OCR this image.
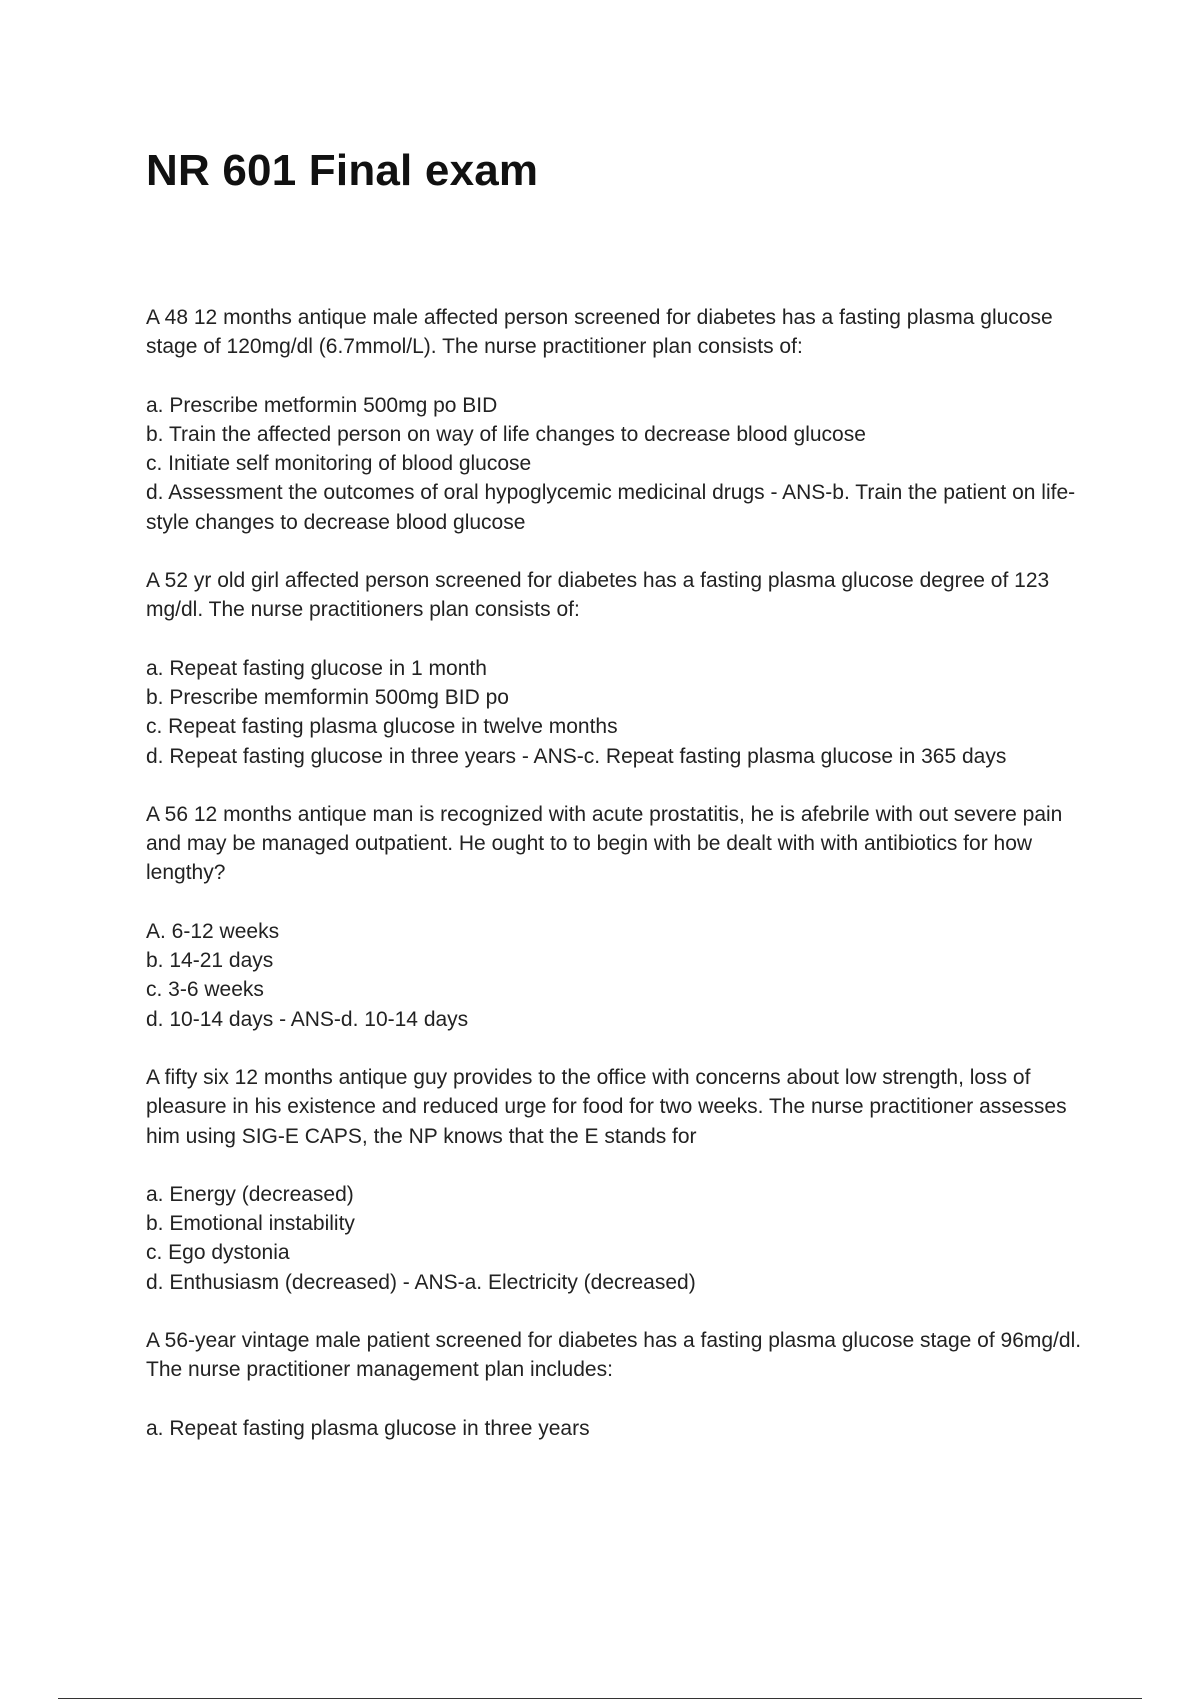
NR 601 Final exam

A 48 12 months antique male affected person screened for diabetes has a fasting plasma glucose stage of 120mg/dl (6.7mmol/L). The nurse practitioner plan consists of:

a. Prescribe metformin 500mg po BID
b. Train the affected person on way of life changes to decrease blood glucose
c. Initiate self monitoring of blood glucose
d. Assessment the outcomes of oral hypoglycemic medicinal drugs - ANS-b. Train the patient on life-style changes to decrease blood glucose

A 52 yr old girl affected person screened for diabetes has a fasting plasma glucose degree of 123 mg/dl. The nurse practitioners plan consists of:

a. Repeat fasting glucose in 1 month
b. Prescribe memformin 500mg BID po
c. Repeat fasting plasma glucose in twelve months
d. Repeat fasting glucose in three years - ANS-c. Repeat fasting plasma glucose in 365 days

A 56 12 months antique man is recognized with acute prostatitis, he is afebrile with out severe pain and may be managed outpatient. He ought to to begin with be dealt with with antibiotics for how lengthy?

A. 6-12 weeks
b. 14-21 days
c. 3-6 weeks
d. 10-14 days - ANS-d. 10-14 days

A fifty six 12 months antique guy provides to the office with concerns about low strength, loss of pleasure in his existence and reduced urge for food for two weeks. The nurse practitioner assesses him using SIG-E CAPS, the NP knows that the E stands for

a. Energy (decreased)
b. Emotional instability
c. Ego dystonia
d. Enthusiasm (decreased) - ANS-a. Electricity (decreased)

A 56-year vintage male patient screened for diabetes has a fasting plasma glucose stage of 96mg/dl. The nurse practitioner management plan includes:

a. Repeat fasting plasma glucose in three years
